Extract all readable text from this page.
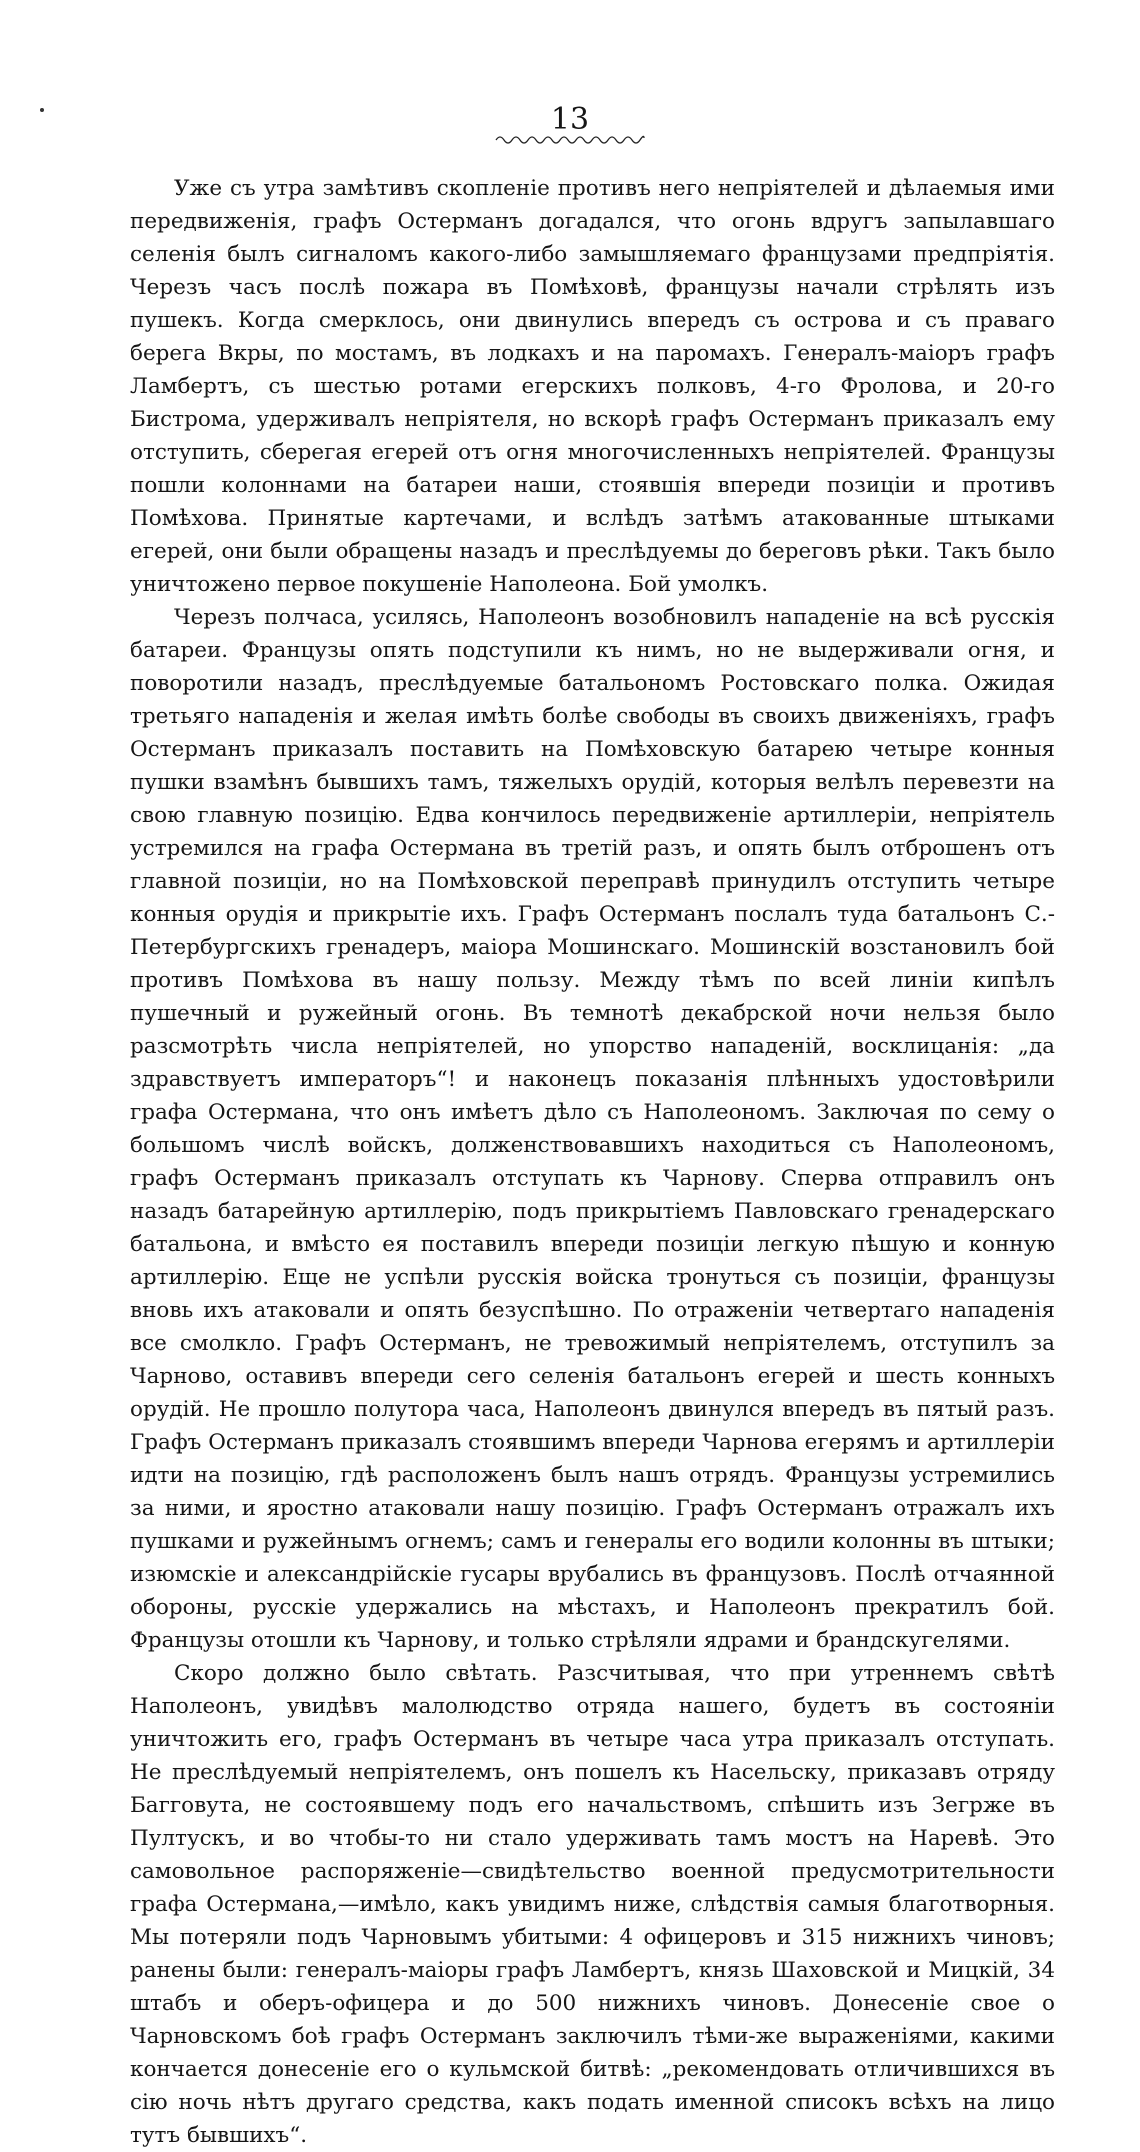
13

Уже съ утра замѣтивъ скопленіе противъ него непріятелей и дѣлаемыя ими передвиженія, графъ Остерманъ догадался, что огонь вдругъ запылавшаго селенія былъ сигналомъ какого-либо замышляемаго французами предпріятія. Черезъ часъ послѣ пожара въ Помѣховѣ, французы начали стрѣлять изъ пушекъ. Когда смерклось, они двинулись впередъ съ острова и съ праваго берега Вкры, по мостамъ, въ лодкахъ и на паромахъ. Генералъ-маіоръ графъ Ламбертъ, съ шестью ротами егерскихъ полковъ, 4-го Фролова, и 20-го Бистрома, удерживалъ непріятеля, но вскорѣ графъ Остерманъ приказалъ ему отступить, сберегая егерей отъ огня многочисленныхъ непріятелей. Французы пошли колоннами на батареи наши, стоявшія впереди позиціи и противъ Помѣхова. Принятые картечами, и вслѣдъ затѣмъ атакованные штыками егерей, они были обращены назадъ и преслѣдуемы до береговъ рѣки. Такъ было уничтожено первое покушеніе Наполеона. Бой умолкъ.

Черезъ полчаса, усилясь, Наполеонъ возобновилъ нападеніе на всѣ русскія батареи. Французы опять подступили къ нимъ, но не выдерживали огня, и поворотили назадъ, преслѣдуемые батальономъ Ростовскаго полка. Ожидая третьяго нападенія и желая имѣть болѣе свободы въ своихъ движеніяхъ, графъ Остерманъ приказалъ поставить на Помѣховскую батарею четыре конныя пушки взамѣнъ бывшихъ тамъ, тяжелыхъ орудій, которыя велѣлъ перевезти на свою главную позицію. Едва кончилось передвиженіе артиллеріи, непріятель устремился на графа Остермана въ третій разъ, и опять былъ отброшенъ отъ главной позиціи, но на Помѣховской переправѣ принудилъ отступить четыре конныя орудія и прикрытіе ихъ. Графъ Остерманъ послалъ туда батальонъ С.-Петербургскихъ гренадеръ, маіора Мошинскаго. Мошинскій возстановилъ бой противъ Помѣхова въ нашу пользу. Между тѣмъ по всей линіи кипѣлъ пушечный и ружейный огонь. Въ темнотѣ декабрской ночи нельзя было разсмотрѣть числа непріятелей, но упорство нападеній, восклицанія: „да здравствуетъ императоръ“! и наконецъ показанія плѣнныхъ удостовѣрили графа Остермана, что онъ имѣетъ дѣло съ Наполеономъ. Заключая по сему о большомъ числѣ войскъ, долженствовавшихъ находиться съ Наполеономъ, графъ Остерманъ приказалъ отступать къ Чарнову. Сперва отправилъ онъ назадъ батарейную артиллерію, подъ прикрытіемъ Павловскаго гренадерскаго батальона, и вмѣсто ея поставилъ впереди позиціи легкую пѣшую и конную артиллерію. Еще не успѣли русскія войска тронуться съ позиціи, французы вновь ихъ атаковали и опять безуспѣшно. По отраженіи четвертаго нападенія все смолкло. Графъ Остерманъ, не тревожимый непріятелемъ, отступилъ за Чарново, оставивъ впереди сего селенія батальонъ егерей и шесть конныхъ орудій. Не прошло полутора часа, Наполеонъ двинулся впередъ въ пятый разъ. Графъ Остерманъ приказалъ стоявшимъ впереди Чарнова егерямъ и артиллеріи идти на позицію, гдѣ расположенъ былъ нашъ отрядъ. Французы устремились за ними, и яростно атаковали нашу позицію. Графъ Остерманъ отражалъ ихъ пушками и ружейнымъ огнемъ; самъ и генералы его водили колонны въ штыки; изюмскіе и александрійскіе гусары врубались въ французовъ. Послѣ отчаянной обороны, русскіе удержались на мѣстахъ, и Наполеонъ прекратилъ бой. Французы отошли къ Чарнову, и только стрѣляли ядрами и брандскугелями.

Скоро должно было свѣтать. Разсчитывая, что при утреннемъ свѣтѣ Наполеонъ, увидѣвъ малолюдство отряда нашего, будетъ въ состояніи уничтожить его, графъ Остерманъ въ четыре часа утра приказалъ отступать. Не преслѣдуемый непріятелемъ, онъ пошелъ къ Насельску, приказавъ отряду Багговута, не состоявшему подъ его начальствомъ, спѣшить изъ Зегрже въ Пултускъ, и во чтобы-то ни стало удерживать тамъ мостъ на Наревѣ. Это самовольное распоряженіе—свидѣтельство военной предусмотрительности графа Остермана,—имѣло, какъ увидимъ ниже, слѣдствія самыя благотворныя. Мы потеряли подъ Чарновымъ убитыми: 4 офицеровъ и 315 нижнихъ чиновъ; ранены были: генералъ-маіоры графъ Ламбертъ, князь Шаховской и Мицкій, 34 штабъ и оберъ-офицера и до 500 нижнихъ чиновъ. Донесеніе свое о Чарновскомъ боѣ графъ Остерманъ заключилъ тѣми-же выраженіями, какими кончается донесеніе его о кульмской битвѣ: „рекомендовать отличившихся въ сію ночь нѣтъ другаго средства, какъ подать именной списокъ всѣхъ на лицо тутъ бывшихъ“.
